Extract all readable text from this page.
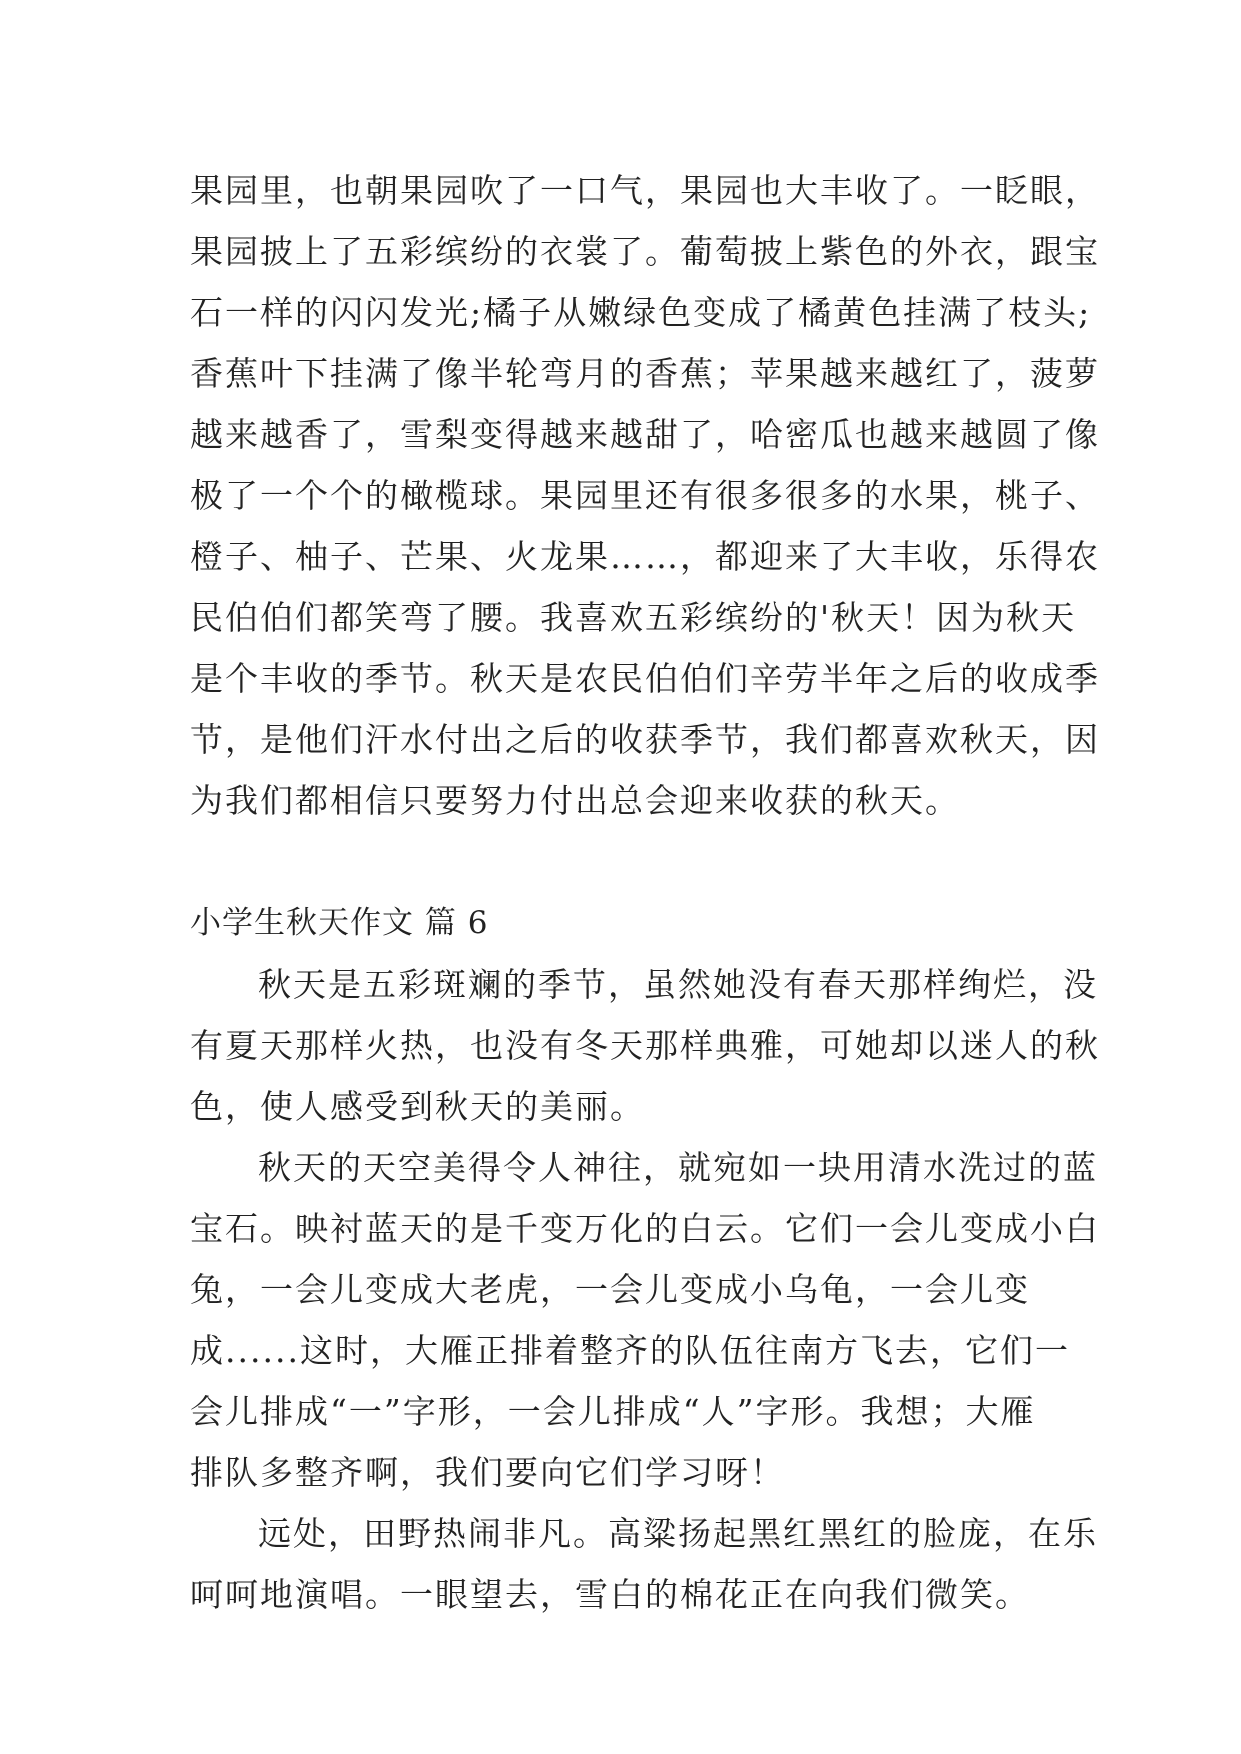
果园里，也朝果园吹了一口气，果园也大丰收了。一眨眼，

果园披上了五彩缤纷的衣裳了。葡萄披上紫色的外衣，跟宝

石一样的闪闪发光;橘子从嫩绿色变成了橘黄色挂满了枝头;

香蕉叶下挂满了像半轮弯月的香蕉；苹果越来越红了，菠萝

越来越香了，雪梨变得越来越甜了，哈密瓜也越来越圆了像

极了一个个的橄榄球。果园里还有很多很多的水果，桃子、

橙子、柚子、芒果、火龙果……，都迎来了大丰收，乐得农

民伯伯们都笑弯了腰。我喜欢五彩缤纷的'秋天！因为秋天

是个丰收的季节。秋天是农民伯伯们辛劳半年之后的收成季

节，是他们汗水付出之后的收获季节，我们都喜欢秋天，因

为我们都相信只要努力付出总会迎来收获的秋天。

小学生秋天作文 篇 6

秋天是五彩斑斓的季节，虽然她没有春天那样绚烂，没

有夏天那样火热，也没有冬天那样典雅，可她却以迷人的秋

色，使人感受到秋天的美丽。

秋天的天空美得令人神往，就宛如一块用清水洗过的蓝

宝石。映衬蓝天的是千变万化的白云。它们一会儿变成小白

兔，一会儿变成大老虎，一会儿变成小乌龟，一会儿变

成......这时，大雁正排着整齐的队伍往南方飞去，它们一

会儿排成“一”字形，一会儿排成“人”字形。我想；大雁

排队多整齐啊，我们要向它们学习呀！

远处，田野热闹非凡。高粱扬起黑红黑红的脸庞，在乐

呵呵地演唱。一眼望去，雪白的棉花正在向我们微笑。
